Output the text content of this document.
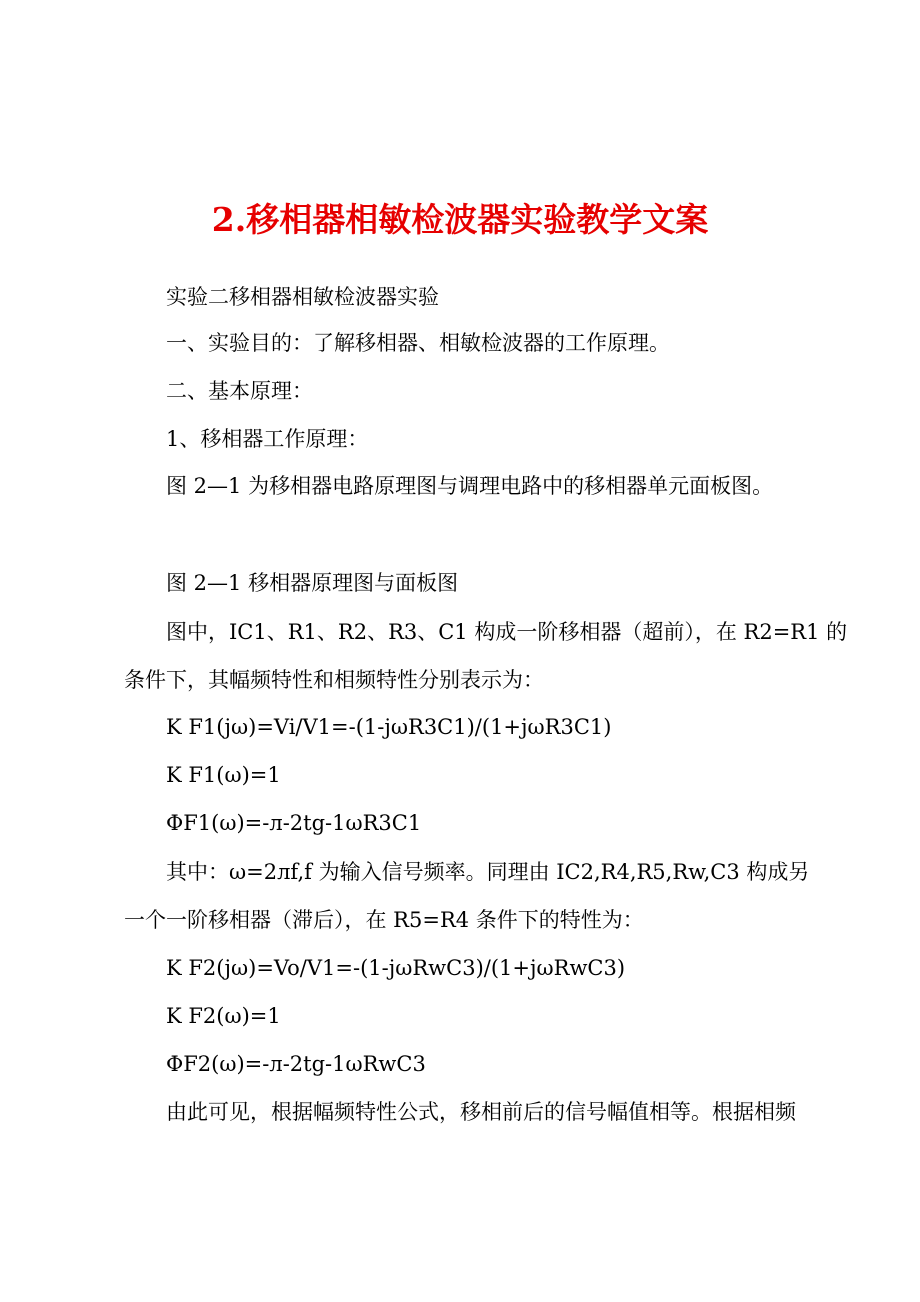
2.移相器相敏检波器实验教学文案
实验二移相器相敏检波器实验
一、实验目的：了解移相器、相敏检波器的工作原理。
二、基本原理：
1、移相器工作原理：
图 2—1 为移相器电路原理图与调理电路中的移相器单元面板图。
图 2—1 移相器原理图与面板图
图中，IC1、R1、R2、R3、C1 构成一阶移相器（超前），在 R2=R1 的
条件下，其幅频特性和相频特性分别表示为：
K F1(jω)=Vi/V1=-(1-jωR3C1)/(1+jωR3C1)
K F1(ω)=1
ΦF1(ω)=-л-2tg-1ωR3C1
其中：ω=2лf,f 为输入信号频率。同理由 IC2,R4,R5,Rw,C3 构成另
一个一阶移相器（滞后），在 R5=R4 条件下的特性为：
K F2(jω)=Vo/V1=-(1-jωRwC3)/(1+jωRwC3)
K F2(ω)=1
ΦF2(ω)=-л-2tg-1ωRwC3
由此可见，根据幅频特性公式，移相前后的信号幅值相等。根据相频
